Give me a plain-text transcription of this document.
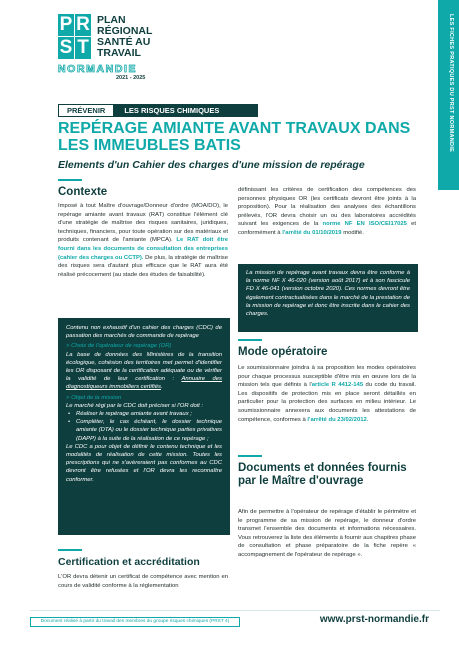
P R
S T
PLAN
RÉGIONAL
SANTÉ AU
TRAVAIL
NORMANDIE
2021 - 2025	LES FICHES PRATIQUES DU PRST NORMANDIE
PRÉVENIR	LES RISQUES CHIMIQUES
REPÉRAGE AMIANTE AVANT TRAVAUX DANS LES IMMEUBLES BATIS
Elements d'un Cahier des charges d'une mission de repérage
Contexte
Imposé à tout Maître d'ouvrage/Donneur d'ordre (MOA/DO), le repérage amiante avant travaux (RAT) constitue l'élément clé d'une stratégie de maîtrise des risques sanitaires, juridiques, techniques, financiers, pour toute opération sur des matériaux et produits contenant de l'amiante (MPCA). Le RAT doit être fourni dans les documents de consultation des entreprises (cahier des charges ou CCTP). De plus, la stratégie de maîtrise des risques sera d'autant plus efficace que le RAT aura été réalisé précocement (au stade des études de faisabilité).
Contenu non exhaustif d'un cahier des charges (CDC) de passation des marchés de commande de repérage
> Choix de l'opérateur de repérage (OR)
La base de données des Ministères de la transition écologique, cohésion des territoires met permet d'identifier les OR disposant de la certification adéquate ou de vérifier la validité de leur certification : Annuaire des diagnostiqueurs immobiliers certifiés.
> Objet de la mission
Le marché régi par le CDC doit préciser si l'OR doit :
• Réaliser le repérage amiante avant travaux ;
• Compléter, le cas échéant, le dossier technique amiante (DTA) ou le dossier technique parties privatives (DAPP) à la suite de la réalisation de ce repérage ;
Le CDC a pour objet de définir le contenu technique et les modalités de réalisation de cette mission. Toutes les prescriptions qui ne s'avèreraient pas conformes au CDC devront être refusées et l'OR devra les reconnaître conformer.
Certification et accréditation
L'OR devra détenir un certificat de compétence avec mention en cours de validité conforme à la réglementation
définissant les critères de certification des compétences des personnes physiques OR (les certificats devront être joints à la proposition). Pour la réalisation des analyses des échantillons prélevés, l'OR devra choisir un ou des laboratoires accrédités suivant les exigences de la norme NF EN ISO/CEI17025 et conformément à l'arrêté du 01/10/2019 modifié.
La mission de repérage avant travaux devra être conforme à la norme NF X 46-020 (version août 2017) et à son fascicule FD X 46-041 (version octobre 2020). Ces normes devront être également contractualisées dans le marché de la prestation de la mission de repérage et donc être inscrite dans le cahier des charges.
Mode opératoire
Le soumissionnaire joindra à sa proposition les modes opératoires pour chaque processus susceptible d'être mis en œuvre lors de la mission tels que définis à l'article R 4412-145 du code du travail. Les dispositifs de protection mis en place seront détaillés en particulier pour la protection des surfaces en milieu intérieur. Le soumissionnaire annexera aux documents les attestations de compétence, conformes à l'arrêté du 23/02/2012.
Documents et données fournis par le Maître d'ouvrage
Afin de permettre à l'opérateur de repérage d'établir le périmètre et le programme de sa mission de repérage, le donneur d'ordre transmet l'ensemble des documents et informations nécessaires. Vous retrouverez la liste des éléments à fournir aux chapitres phase de consultation et phase préparatoire de la fiche repère « accompagnement de l'opérateur de repérage ».
Document réalisé à partir du travail des membres du groupe risques chimiques (PRST 4)	www.prst-normandie.fr
